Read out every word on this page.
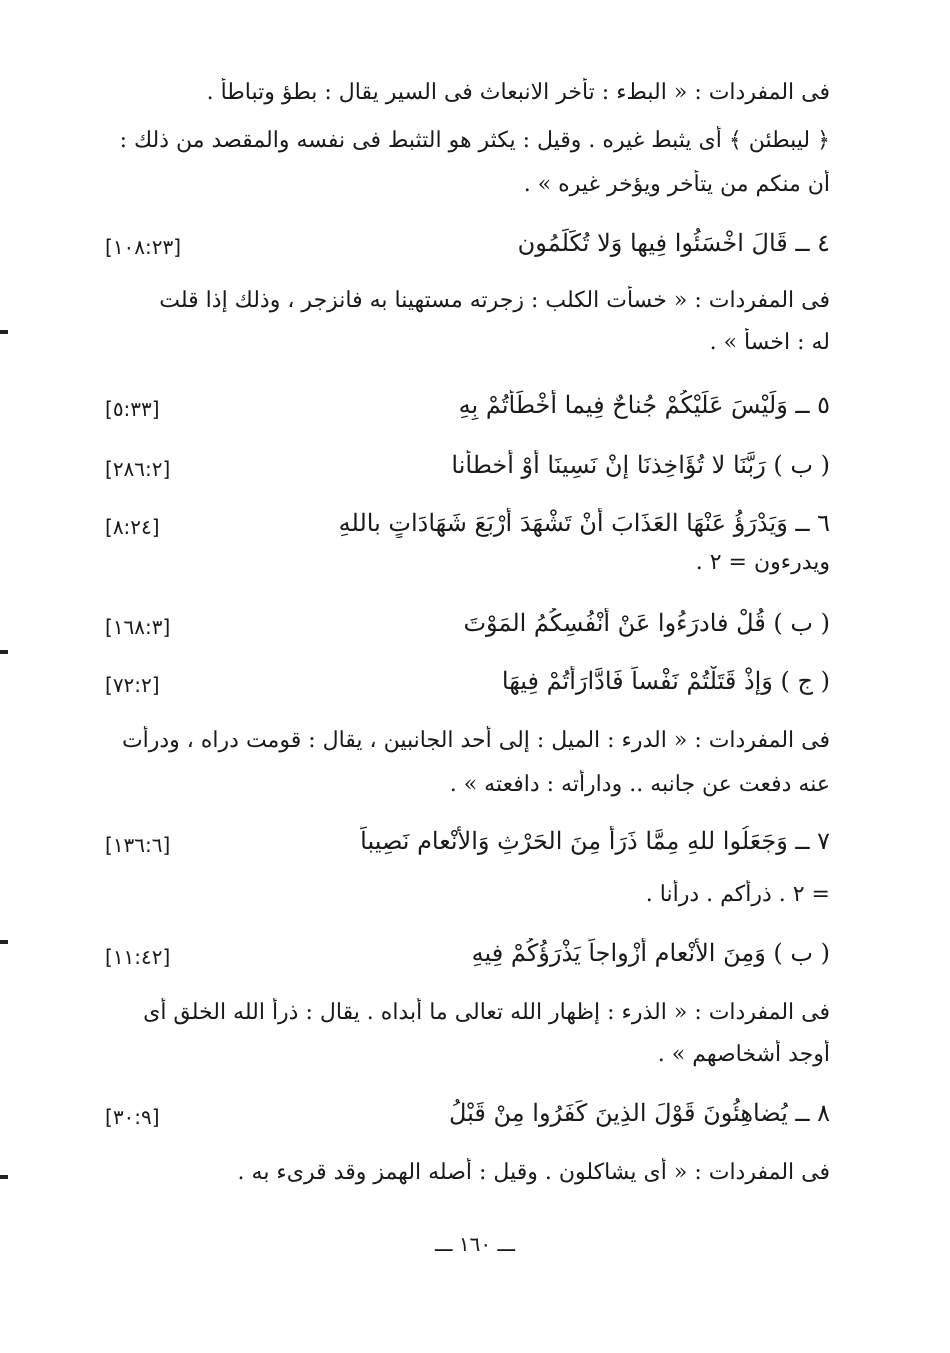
فى المفردات : « البطء : تأخر الانبعاث فى السير يقال : بطؤ وتباطأ .
﴿ ليبطئن ﴾ أى يثبط غيره . وقيل : يكثر هو التثبط فى نفسه والمقصد من ذلك :
أن منكم من يتأخر ويؤخر غيره » .
٤ ــ قَالَ اخْسَئُوا فِيها وَلا تُكَلِّمُون
[١٠٨:٢٣]
فى المفردات : « خسأت الكلب : زجرته مستهينا به فانزجر ، وذلك إذا قلت
له : اخسأ » .
٥ ــ وَلَيْسَ عَلَيْكُمْ جُناحٌ فِيما أَخْطَأْتُمْ بِهِ
[٥:٣٣]
( ب ) رَبَّنَا لا تُؤَاخِذنَا إنْ نَسِينَا أَوْ أخطأْنا
[٢٨٦:٢]
٦ ــ وَيَدْرَؤُ عَنْهَا العَذَابَ أنْ تَشْهَدَ أَرْبَعَ شَهَادَاتٍ باللهِ
[٨:٢٤]
ويدرءون = ٢ .
( ب ) قُلْ فادرَءُوا عَنْ أَنْفُسِكُمُ المَوْتَ
[١٦٨:٣]
( ج ) وَإِذْ قَتَلْتُمْ نَفْساً فَادَّارَأْتُمْ فِيهَا
[٧٢:٢]
فى المفردات : « الدرء : الميل : إلى أحد الجانبين ، يقال : قومت دراه ، ودرأت
عنه دفعت عن جانبه .. ودارأته : دافعته » .
٧ ــ وَجَعَلُوا للهِ مِمَّا ذَرَأَ مِنَ الحَرْثِ وَالأَنْعامِ نَصِيباً
[١٣٦:٦]
= ٢ . ذرأكم . درأنا .
( ب ) وَمِنَ الأَنْعامِ أَزْواجاً يَذْرَؤُكُمْ فِيهِ
[١١:٤٢]
فى المفردات : « الذرء : إظهار الله تعالى ما أبداه . يقال : ذرأ الله الخلق أى
أوجد أشخاصهم » .
٨ ــ يُضاهِئُونَ قَوْلَ الذِينَ كَفَرُوا مِنْ قَبْلُ
[٣٠:٩]
فى المفردات : « أى يشاكلون . وقيل : أصله الهمز وقد قرىء به .
ـــ ١٦٠ ـــ
